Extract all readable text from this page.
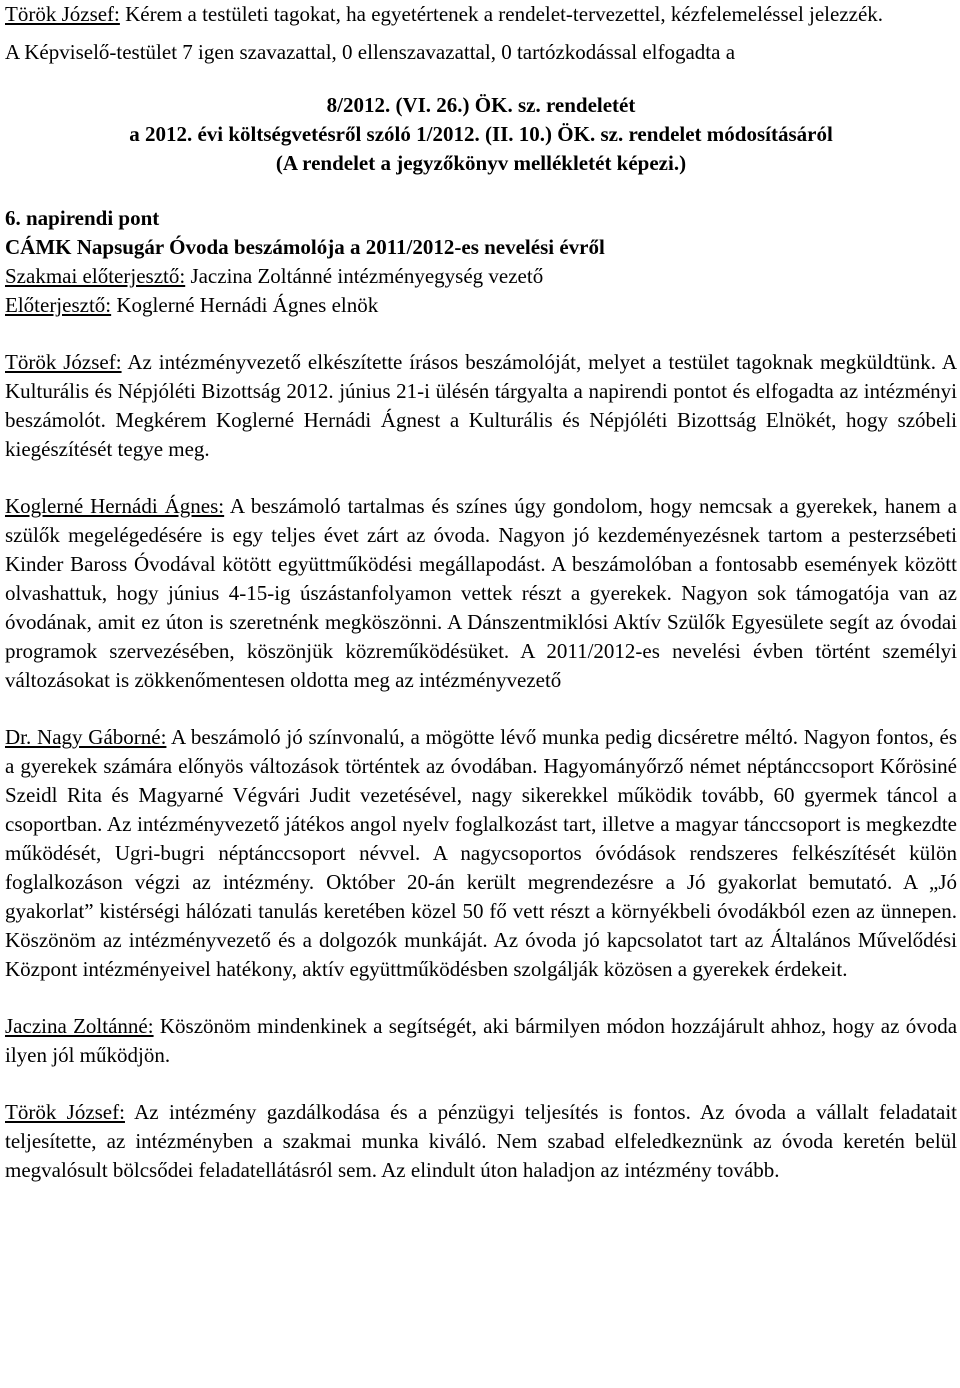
Török József: Kérem a testületi tagokat, ha egyetértenek a rendelet-tervezettel, kézfelemeléssel jelezzék.

A Képviselő-testület 7 igen szavazattal, 0 ellenszavazattal, 0 tartózkodással elfogadta a

8/2012. (VI. 26.) ÖK. sz. rendeletét
a 2012. évi költségvetésről szóló 1/2012. (II. 10.) ÖK. sz. rendelet módosításáról
(A rendelet a jegyzőkönyv mellékletét képezi.)
6. napirendi pont
CÁMK Napsugár Óvoda beszámolója a 2011/2012-es nevelési évről
Szakmai előterjesztő: Jaczina Zoltánné intézményegység vezető
Előterjesztő: Koglerné Hernádi Ágnes elnök

Török József: Az intézményvezető elkészítette írásos beszámolóját, melyet a testület tagoknak megküldtünk. A Kulturális és Népjóléti Bizottság 2012. június 21-i ülésén tárgyalta a napirendi pontot és elfogadta az intézményi beszámolót. Megkérem Koglerné Hernádi Ágnest a Kulturális és Népjóléti Bizottság Elnökét, hogy szóbeli kiegészítését tegye meg.

Koglerné Hernádi Ágnes: A beszámoló tartalmas és színes úgy gondolom, hogy nemcsak a gyerekek, hanem a szülők megelégedésére is egy teljes évet zárt az óvoda. Nagyon jó kezdeményezésnek tartom a pesterzsébeti Kinder Baross Óvodával kötött együttműködési megállapodást. A beszámolóban a fontosabb események között olvashattuk, hogy június 4-15-ig úszástanfolyamon vettek részt a gyerekek. Nagyon sok támogatója van az óvodának, amit ez úton is szeretnénk megköszönni. A Dánszentmiklósi Aktív Szülők Egyesülete segít az óvodai programok szervezésében, köszönjük közreműködésüket. A 2011/2012-es nevelési évben történt személyi változásokat is zökkenőmentesen oldotta meg az intézményvezető

Dr. Nagy Gáborné: A beszámoló jó színvonalú, a mögötte lévő munka pedig dicséretre méltó. Nagyon fontos, és a gyerekek számára előnyös változások történtek az óvodában. Hagyományőrző német néptánccsoport Kőrösiné Szeidl Rita és Magyarné Végvári Judit vezetésével, nagy sikerekkel működik tovább, 60 gyermek táncol a csoportban. Az intézményvezető játékos angol nyelv foglalkozást tart, illetve a magyar tánccsoport is megkezdte működését, Ugri-bugri néptánccsoport névvel. A nagycsoportos óvódások rendszeres felkészítését külön foglalkozáson végzi az intézmény. Október 20-án került megrendezésre a Jó gyakorlat bemutató. A „Jó gyakorlat” kistérségi hálózati tanulás keretében közel 50 fő vett részt a környékbeli óvodákból ezen az ünnepen. Köszönöm az intézményvezető és a dolgozók munkáját. Az óvoda jó kapcsolatot tart az Általános Művelődési Központ intézményeivel hatékony, aktív együttműködésben szolgálják közösen a gyerekek érdekeit.

Jaczina Zoltánné: Köszönöm mindenkinek a segítségét, aki bármilyen módon hozzájárult ahhoz, hogy az óvoda ilyen jól működjön.

Török József: Az intézmény gazdálkodása és a pénzügyi teljesítés is fontos. Az óvoda a vállalt feladatait teljesítette, az intézményben a szakmai munka kiváló. Nem szabad elfeledkeznünk az óvoda keretén belül megvalósult bölcsődei feladatellátásról sem. Az elindult úton haladjon az intézmény tovább.
